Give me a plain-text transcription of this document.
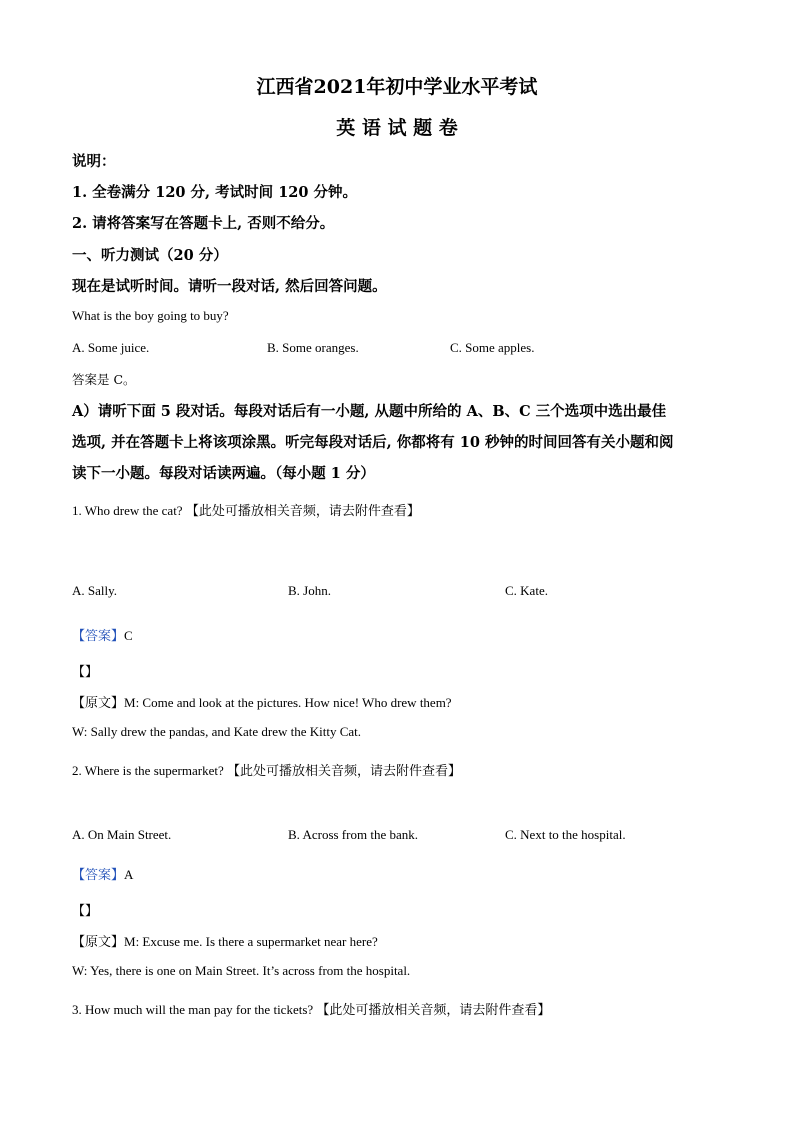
江西省2021年初中学业水平考试
英 语 试 题 卷
说明：
1. 全卷满分 120 分, 考试时间 120 分钟。
2. 请将答案写在答题卡上, 否则不给分。
一、听力测试（20 分）
现在是试听时间。请听一段对话, 然后回答问题。
What is the boy going to buy?
A. Some juice.	B. Some oranges.	C. Some apples.
答案是 C。
A）请听下面 5 段对话。每段对话后有一小题, 从题中所给的 A、B、C 三个选项中选出最佳
选项, 并在答题卡上将该项涂黑。听完每段对话后, 你都将有 10 秒钟的时间回答有关小题和阅
读下一小题。每段对话读两遍。（每小题 1 分）
1. Who drew the cat? 【此处可播放相关音频，请去附件查看】
A. Sally.	B. John.	C. Kate.
【答案】C
【】
【原文】M: Come and look at the pictures. How nice! Who drew them?
W: Sally drew the pandas, and Kate drew the Kitty Cat.
2. Where is the supermarket? 【此处可播放相关音频，请去附件查看】
A. On Main Street.	B. Across from the bank.	C. Next to the hospital.
【答案】A
【】
【原文】M: Excuse me. Is there a supermarket near here?
W: Yes, there is one on Main Street. It’s across from the hospital.
3. How much will the man pay for the tickets? 【此处可播放相关音频，请去附件查看】
